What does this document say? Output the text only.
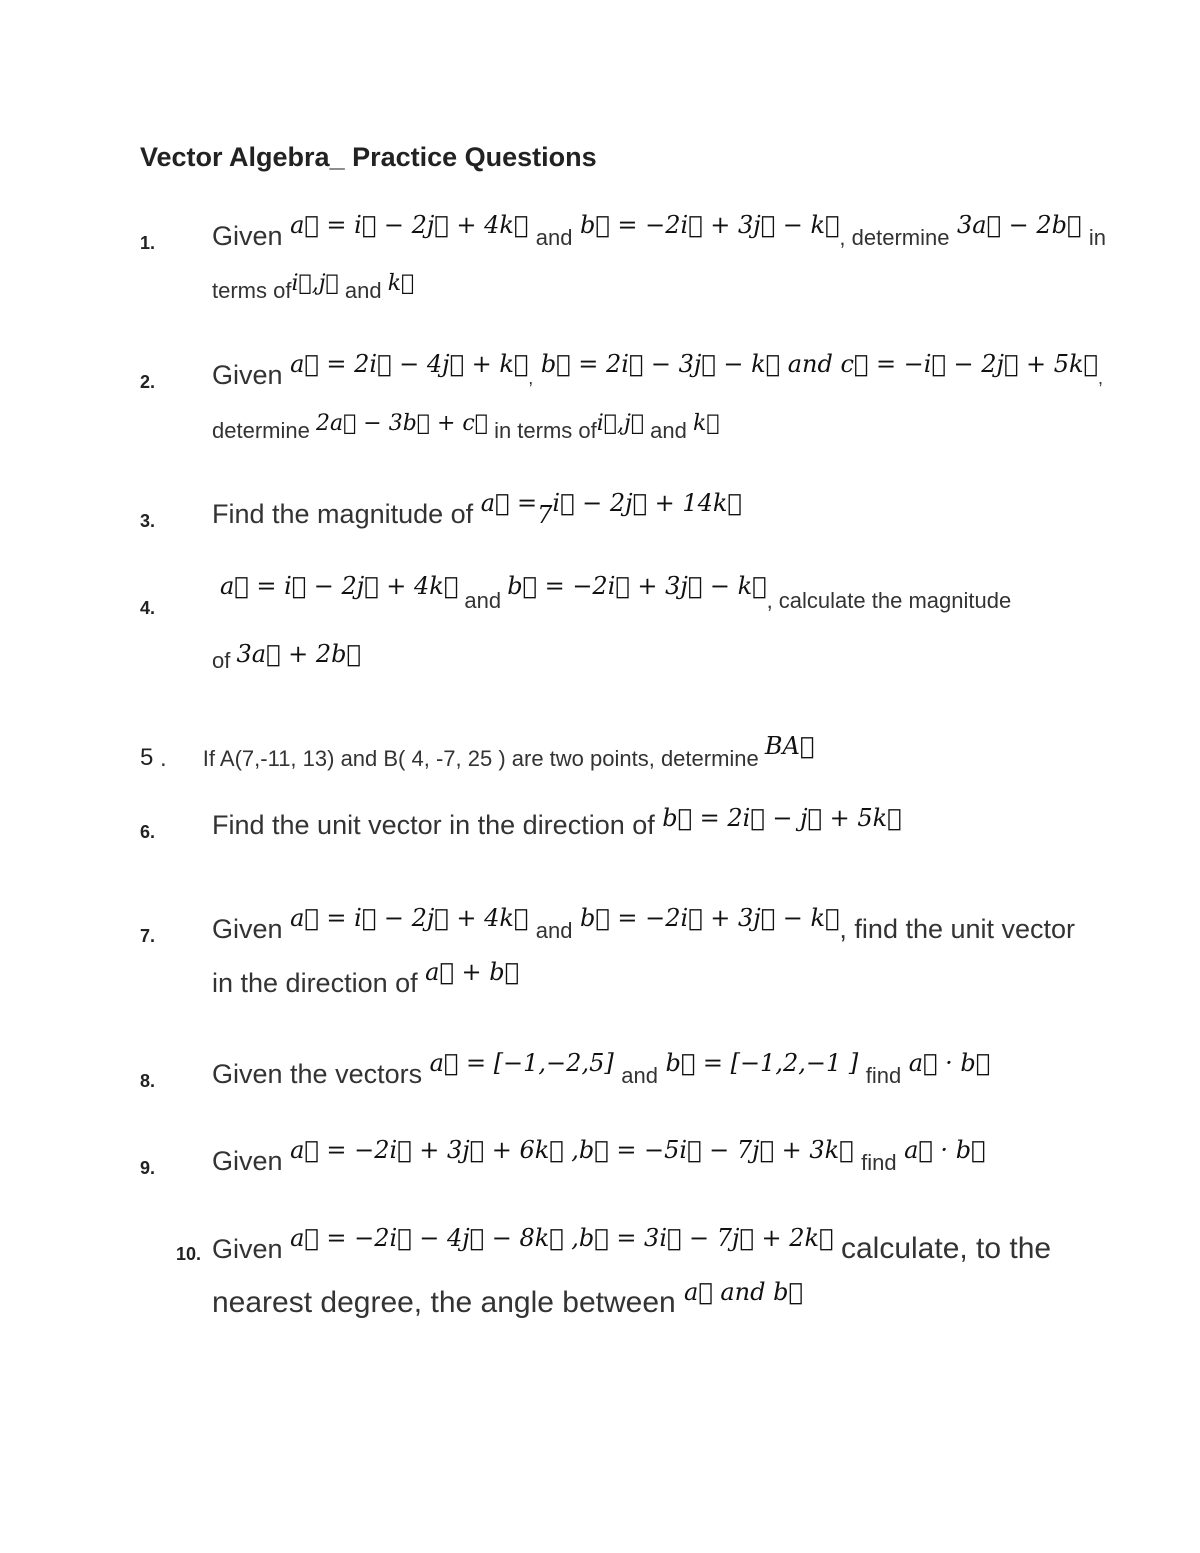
Vector Algebra_ Practice Questions
1.	Given a⃗ = i⃗ − 2j⃗ + 4k⃗ and b⃗ = −2i⃗ + 3j⃗ − k⃗, determine 3a⃗ − 2b⃗ in
terms ofi⃗,j⃗ and k⃗
2.	Given a⃗ = 2i⃗ − 4j⃗ + k⃗, b⃗ = 2i⃗ − 3j⃗ − k⃗ and c⃗ = −i⃗ − 2j⃗ + 5k⃗,
determine 2a⃗ − 3b⃗ + c⃗ in terms ofi⃗,j⃗ and k⃗
3.	Find the magnitude of a⃗ =7i⃗ − 2j⃗ + 14k⃗
4.
a⃗ = i⃗ − 2j⃗ + 4k⃗ and b⃗ = −2i⃗ + 3j⃗ − k⃗, calculate the magnitude
of 3a⃗ + 2b⃗
5 . If A(7,-11, 13) and B( 4, -7, 25 ) are two points, determine BA⃗
6.	Find the unit vector in the direction of b⃗ = 2i⃗ − j⃗ + 5k⃗
7.	Given a⃗ = i⃗ − 2j⃗ + 4k⃗ and b⃗ = −2i⃗ + 3j⃗ − k⃗, find the unit vector
in the direction of a⃗ + b⃗
8.	Given the vectors a⃗ = [−1,−2,5] and b⃗ = [−1,2,−1 ] find a⃗ · b⃗
9.	Given a⃗ = −2i⃗ + 3j⃗ + 6k⃗ ,b⃗ = −5i⃗ − 7j⃗ + 3k⃗ find a⃗ · b⃗
10. Given a⃗ = −2i⃗ − 4j⃗ − 8k⃗ ,b⃗ = 3i⃗ − 7j⃗ + 2k⃗ calculate, to the
nearest degree, the angle between $^{a⃗ and b⃗}$
